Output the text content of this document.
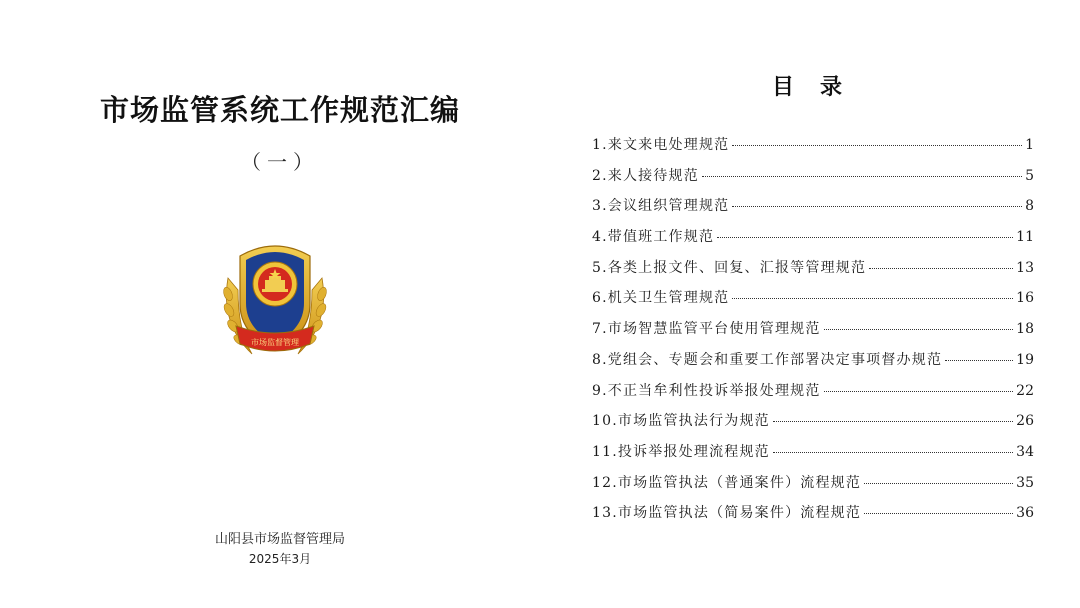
市场监管系统工作规范汇编
（一）
市场监督管理
山阳县市场监督管理局
2025年3月
目录
1.来文来电处理规范	1
2.来人接待规范	5
3.会议组织管理规范	8
4.带值班工作规范	11
5.各类上报文件、回复、汇报等管理规范	13
6.机关卫生管理规范	16
7.市场智慧监管平台使用管理规范	18
8.党组会、专题会和重要工作部署决定事项督办规范	19
9.不正当牟利性投诉举报处理规范	22
10.市场监管执法行为规范	26
11.投诉举报处理流程规范	34
12.市场监管执法（普通案件）流程规范	35
13.市场监管执法（简易案件）流程规范	36
